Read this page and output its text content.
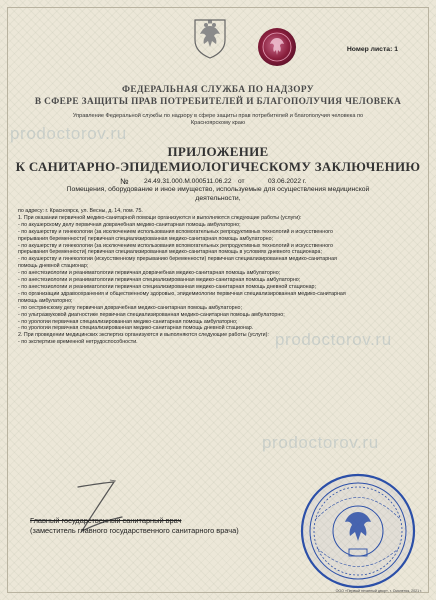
prodoctorov.ru
prodoctorov.ru
prodoctorov.ru
Номер листа: 1
ФЕДЕРАЛЬНАЯ СЛУЖБА ПО НАДЗОРУ
В СФЕРЕ ЗАЩИТЫ ПРАВ ПОТРЕБИТЕЛЕЙ И БЛАГОПОЛУЧИЯ ЧЕЛОВЕКА
Управление Федеральной службы по надзору в сфере защиты прав потребителей и благополучия человека по
Красноярскому краю
ПРИЛОЖЕНИЕ
К САНИТАРНО-ЭПИДЕМИОЛОГИЧЕСКОМУ ЗАКЛЮЧЕНИЮ
№ 24.49.31.000.М.000511.06.22 от	03.06.2022 г.
Помещения, оборудование и иное имущество, используемые для осуществления медицинской
деятельности,
по адресу: г. Красноярск, ул. Весны, д. 14, пом. 75.
1. При оказании первичной медико-санитарной помощи организуются и выполняются следующие работы (услуги):
- по акушерскому делу первичная доврачебная медико-санитарная помощь амбулаторно;
- по акушерству и гинекологии (за исключением использования вспомогательных репродуктивных технологий и искусственного
прерывания беременности) первичная специализированная медико-санитарная помощь амбулаторно;
- по акушерству и гинекологии (за исключением использования вспомогательных репродуктивных технологий и искусственного
прерывания беременности) первичная специализированная медико-санитарная помощь в условиях дневного стационара;
- по акушерству и гинекологии (искусственному прерыванию беременности) первичная специализированная медико-санитарная
помощь дневной стационар;
- по анестезиологии и реаниматологии первичная доврачебная медико-санитарная помощь амбулаторно;
- по анестезиологии и реаниматологии первичная специализированная медико-санитарная помощь амбулаторно;
- по анестезиологии и реаниматологии первичная специализированная медико-санитарная помощь дневной стационар;
- по организации здравоохранения и общественному здоровью, эпидемиологии первичная специализированная медико-санитарная
помощь амбулаторно;
- по сестринскому делу первичная доврачебная медико-санитарная помощь амбулаторно;
- по ультразвуковой диагностике первичная специализированная медико-санитарная помощь амбулаторно;
- по урологии первичная специализированная медико-санитарная помощь амбулаторно;
- по урологии первичная специализированная медико-санитарная помощь дневной стационар.
2. При проведении медицинских экспертиз организуются и выполняются следующие работы (услуги):
- по экспертизе временной нетрудоспособности.
Главный государственный санитарный врач
(заместитель главного государственного санитарного врача)
ООО «Первый печатный двор», г. Смоленск, 2021 г.
